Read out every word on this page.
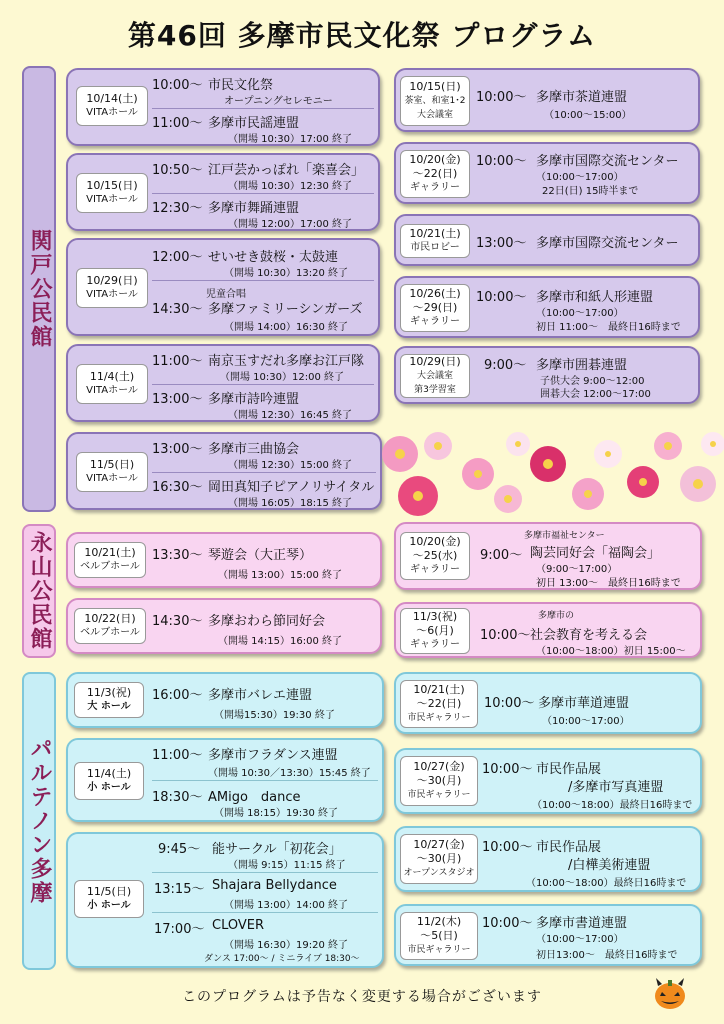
第46回 多摩市民文化祭 プログラム
関戸公民館
永山公民館
パルテノン多摩
10/14(土)
VITAホール
10:00～ 市民文化祭
オープニングセレモニー
11:00～ 多摩市民謡連盟
（開場 10:30）17:00 終了
10/15(日)
VITAホール
10:50～ 江戸芸かっぽれ「楽喜会」
（開場 10:30）12:30 終了
12:30～ 多摩市舞踊連盟
（開場 12:00）17:00 終了
10/29(日)
VITAホール
12:00～ せいせき鼓桜・太鼓連
（開場 10:30）13:20 終了
児童合唱
14:30～ 多摩ファミリーシンガーズ
（開場 14:00）16:30 終了
11/4(土)
VITAホール
11:00～ 南京玉すだれ多摩お江戸隊
（開場 10:30）12:00 終了
13:00～ 多摩市詩吟連盟
（開場 12:30）16:45 終了
11/5(日)
VITAホール
13:00～ 多摩市三曲協会
（開場 12:30）15:00 終了
16:30～ 岡田真知子ピアノリサイタル
（開場 16:05）18:15 終了
10/15(日)
茶室、和室1･2
大会議室
10:00～ 多摩市茶道連盟
（10:00～15:00）
10/20(金)
～22(日)
ギャラリー
10:00～ 多摩市国際交流センター
（10:00～17:00）
22日(日) 15時半まで
10/21(土)
市民ロビー 13:00～ 多摩市国際交流センター
10/26(土)
～29(日)
ギャラリー
10:00～ 多摩市和紙人形連盟
（10:00～17:00）
初日 11:00～　最終日16時まで
10/29(日)
大会議室
第3学習室
9:00～ 多摩市囲碁連盟
子供大会 9:00～12:00
囲碁大会 12:00～17:00
10/21(土)
ベルブホール
13:30～ 琴遊会（大正琴）
（開場 13:00）15:00 終了
10/22(日)
ベルブホール
14:30～ 多摩おわら節同好会
（開場 14:15）16:00 終了
10/20(金)
～25(水)
ギャラリー
多摩市福祉センター
9:00～ 陶芸同好会「福陶会」
（9:00～17:00）
初日 13:00～　最終日16時まで
11/3(祝)
～6(月)
ギャラリー
多摩市の
10:00～ 社会教育を考える会
（10:00～18:00）初日 15:00～
11/3(祝)
大 ホール
16:00～ 多摩市バレエ連盟
（開場15:30）19:30 終了
11/4(土)
小 ホール
11:00～ 多摩市フラダンス連盟
（開場 10:30／13:30）15:45 終了
18:30～ AMigo　dance
（開場 18:15）19:30 終了
11/5(日)
小 ホール
9:45～ 能サークル「初花会」
（開場 9:15）11:15 終了
13:15～ Shajara Bellydance
（開場 13:00）14:00 終了
17:00～ CLOVER
（開場 16:30）19:20 終了
ダンス 17:00～ / ミニライブ 18:30～
10/21(土)
～22(日)
市民ギャラリー
10:00～ 多摩市華道連盟
（10:00～17:00）
10/27(金)
～30(月)
市民ギャラリー
10:00～ 市民作品展
/多摩市写真連盟
（10:00～18:00）最終日16時まで
10/27(金)
～30(月)
オープンスタジオ
10:00～ 市民作品展
/白樺美術連盟
（10:00～18:00）最終日16時まで
11/2(木)
～5(日)
市民ギャラリー
10:00～ 多摩市書道連盟
（10:00～17:00）
初日13:00～　最終日16時まで
このプログラムは予告なく変更する場合がございます
